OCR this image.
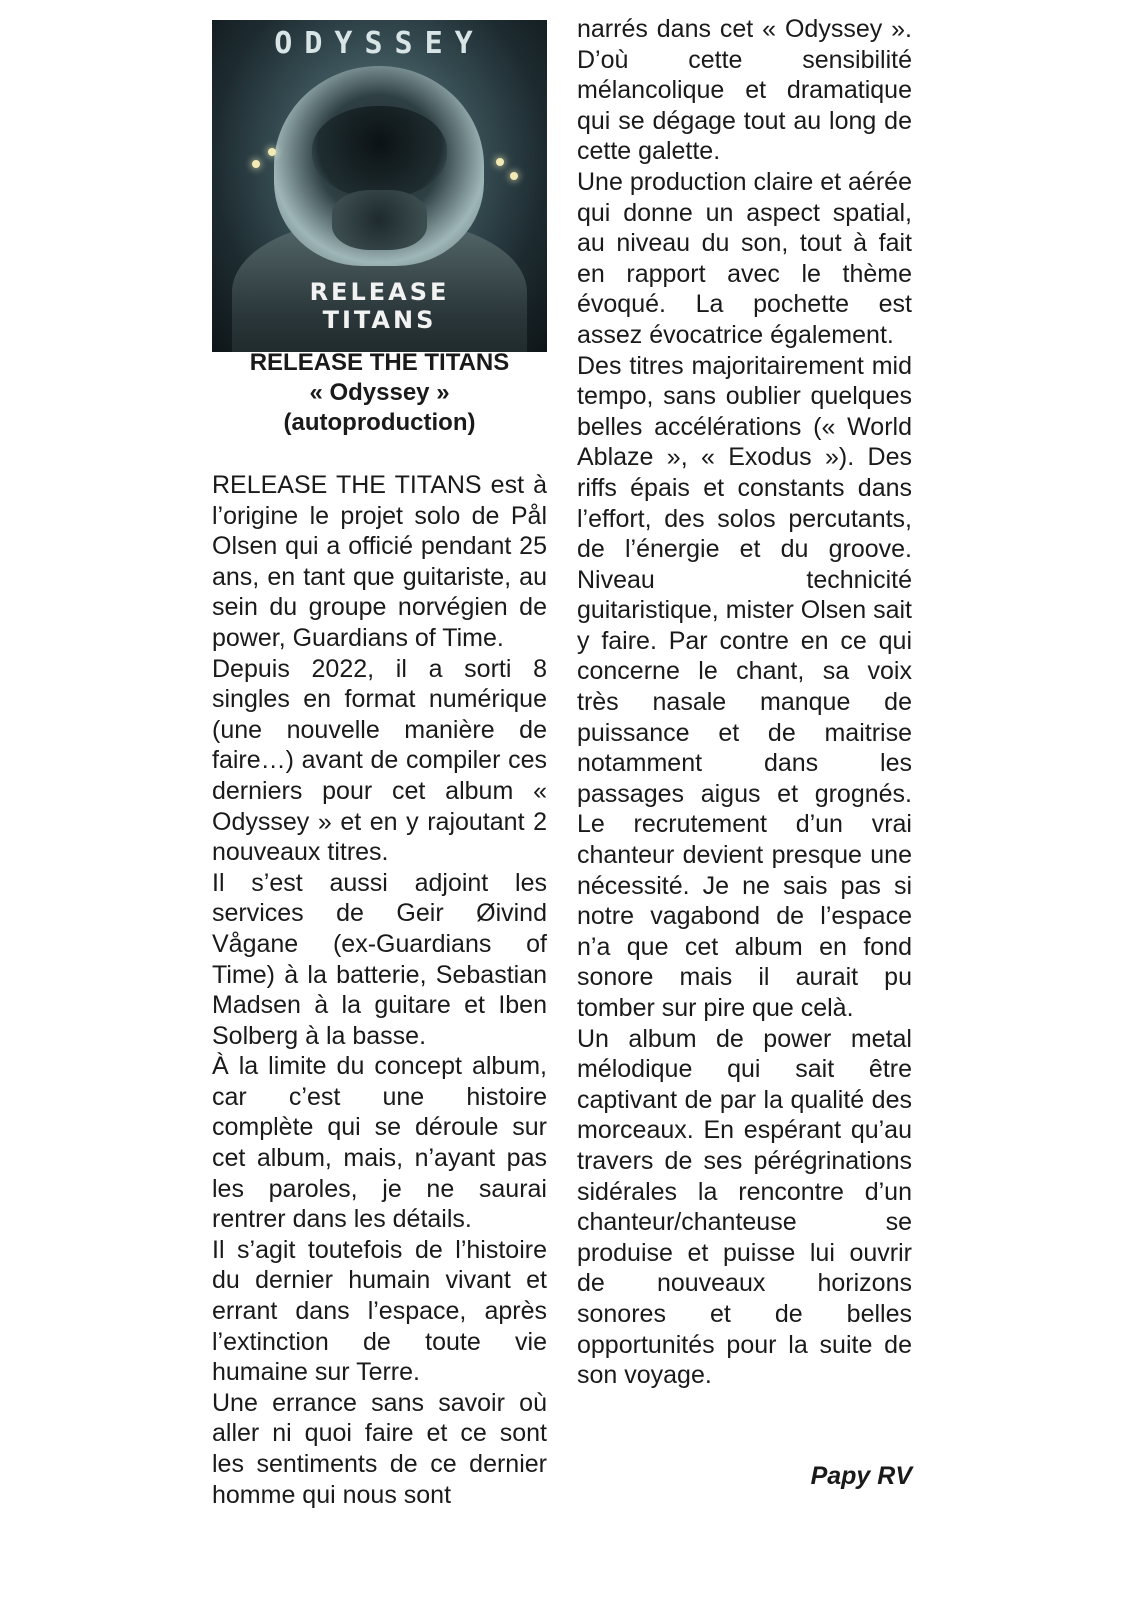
ODYSSEY
RELEASE
TITANS
RELEASE THE TITANS
« Odyssey »
(autoproduction)

RELEASE THE TITANS est à l’origine le projet solo de Pål Olsen qui a officié pendant 25 ans, en tant que guitariste, au sein du groupe norvégien de power, Guardians of Time.

Depuis 2022, il a sorti 8 singles en format numérique (une nouvelle manière de faire…) avant de compiler ces derniers pour cet album « Odyssey » et en y rajoutant 2 nouveaux titres.

Il s’est aussi adjoint les services de Geir Øivind Vågane (ex-Guardians of Time) à la batterie, Sebastian Madsen à la guitare et Iben Solberg à la basse.

À la limite du concept album, car c’est une histoire complète qui se déroule sur cet album, mais, n’ayant pas les paroles, je ne saurai rentrer dans les détails.

Il s’agit toutefois de l’histoire du dernier humain vivant et errant dans l’espace, après l’extinction de toute vie humaine sur Terre.

Une errance sans savoir où aller ni quoi faire et ce sont les sentiments de ce dernier homme qui nous sont

narrés dans cet « Odyssey ». D’où cette sensibilité mélancolique et dramatique qui se dégage tout au long de cette galette.

Une production claire et aérée qui donne un aspect spatial, au niveau du son, tout à fait en rapport avec le thème évoqué. La pochette est assez évocatrice également.

Des titres majoritairement mid tempo, sans oublier quelques belles accélérations (« World Ablaze », « Exodus »). Des riffs épais et constants dans l’effort, des solos percutants, de l’énergie et du groove. Niveau technicité guitaristique, mister Olsen sait y faire. Par contre en ce qui concerne le chant, sa voix très nasale manque de puissance et de maitrise notamment dans les passages aigus et grognés. Le recrutement d’un vrai chanteur devient presque une nécessité. Je ne sais pas si notre vagabond de l’espace n’a que cet album en fond sonore mais il aurait pu tomber sur pire que celà.

Un album de power metal mélodique qui sait être captivant de par la qualité des morceaux. En espérant qu’au travers de ses pérégrinations sidérales la rencontre d’un chanteur/chanteuse se produise et puisse lui ouvrir de nouveaux horizons sonores et de belles opportunités pour la suite de son voyage.

Papy RV
